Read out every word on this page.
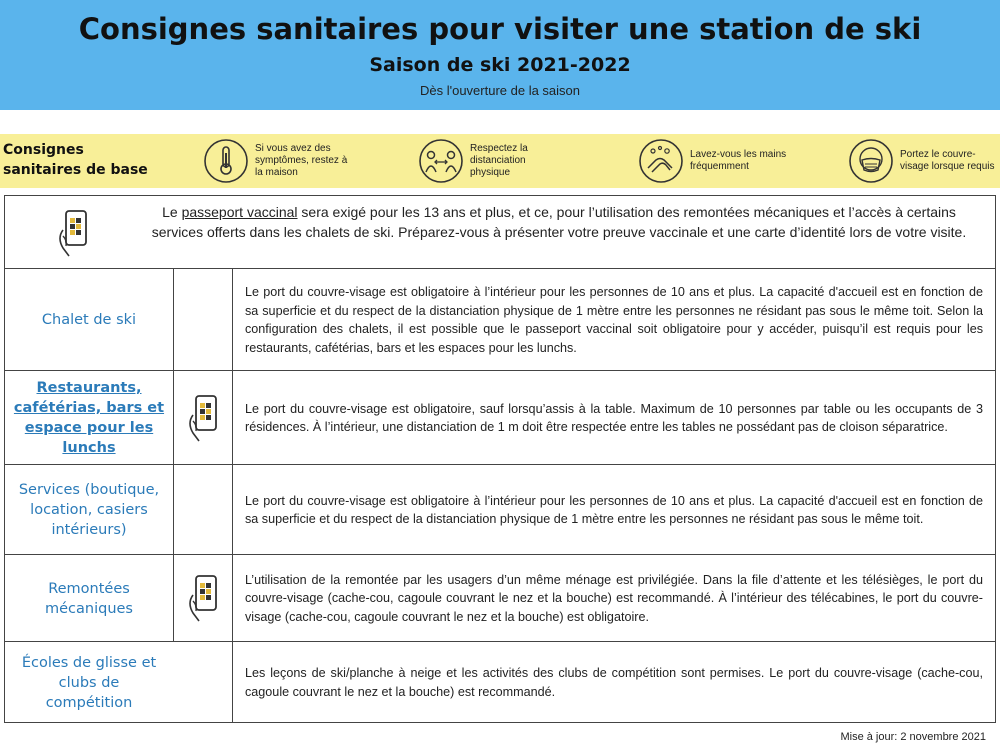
Consignes sanitaires pour visiter une station de ski
Saison de ski 2021-2022
Dès l'ouverture de la saison
Consignes sanitaires de base
Si vous avez des symptômes, restez à la maison
Respectez la distanciation physique
Lavez-vous les mains fréquemment
Portez le couvre-visage lorsque requis
Le passeport vaccinal sera exigé pour les 13 ans et plus, et ce, pour l’utilisation des remontées mécaniques et l’accès à certains services offerts dans les chalets de ski. Préparez-vous à présenter votre preuve vaccinale et une carte d’identité lors de votre visite.
Chalet de ski
Le port du couvre-visage est obligatoire à l’intérieur pour les personnes de 10 ans et plus. La capacité d'accueil est en fonction de sa superficie et du respect de la distanciation physique de 1 mètre entre les personnes ne résidant pas sous le même toit. Selon la configuration des chalets, il est possible que le passeport vaccinal soit obligatoire pour y accéder, puisqu’il est requis pour les restaurants, cafétérias, bars et les espaces pour les lunchs.
Restaurants, cafétérias, bars et espace pour les lunchs
Le port du couvre-visage est obligatoire, sauf lorsqu’assis à la table. Maximum de 10 personnes par table ou les occupants de 3 résidences. À l’intérieur, une distanciation de 1 m doit être respectée entre les tables ne possédant pas de cloison séparatrice.
Services (boutique, location, casiers intérieurs)
Le port du couvre-visage est obligatoire à l’intérieur pour les personnes de 10 ans et plus. La capacité d'accueil est en fonction de sa superficie et du respect de la distanciation physique de 1 mètre entre les personnes ne résidant pas sous le même toit.
Remontées mécaniques
L’utilisation de la remontée par les usagers d’un même ménage est privilégiée. Dans la file d’attente et les télésièges, le port du couvre-visage (cache-cou, cagoule couvrant le nez et la bouche) est recommandé. À l’intérieur des télécabines, le port du couvre-visage (cache-cou, cagoule couvrant le nez et la bouche) est obligatoire.
Écoles de glisse et clubs de compétition
Les leçons de ski/planche à neige et les activités des clubs de compétition sont permises. Le port du couvre-visage (cache-cou, cagoule couvrant le nez et la bouche) est recommandé.
Mise à jour: 2 novembre 2021
